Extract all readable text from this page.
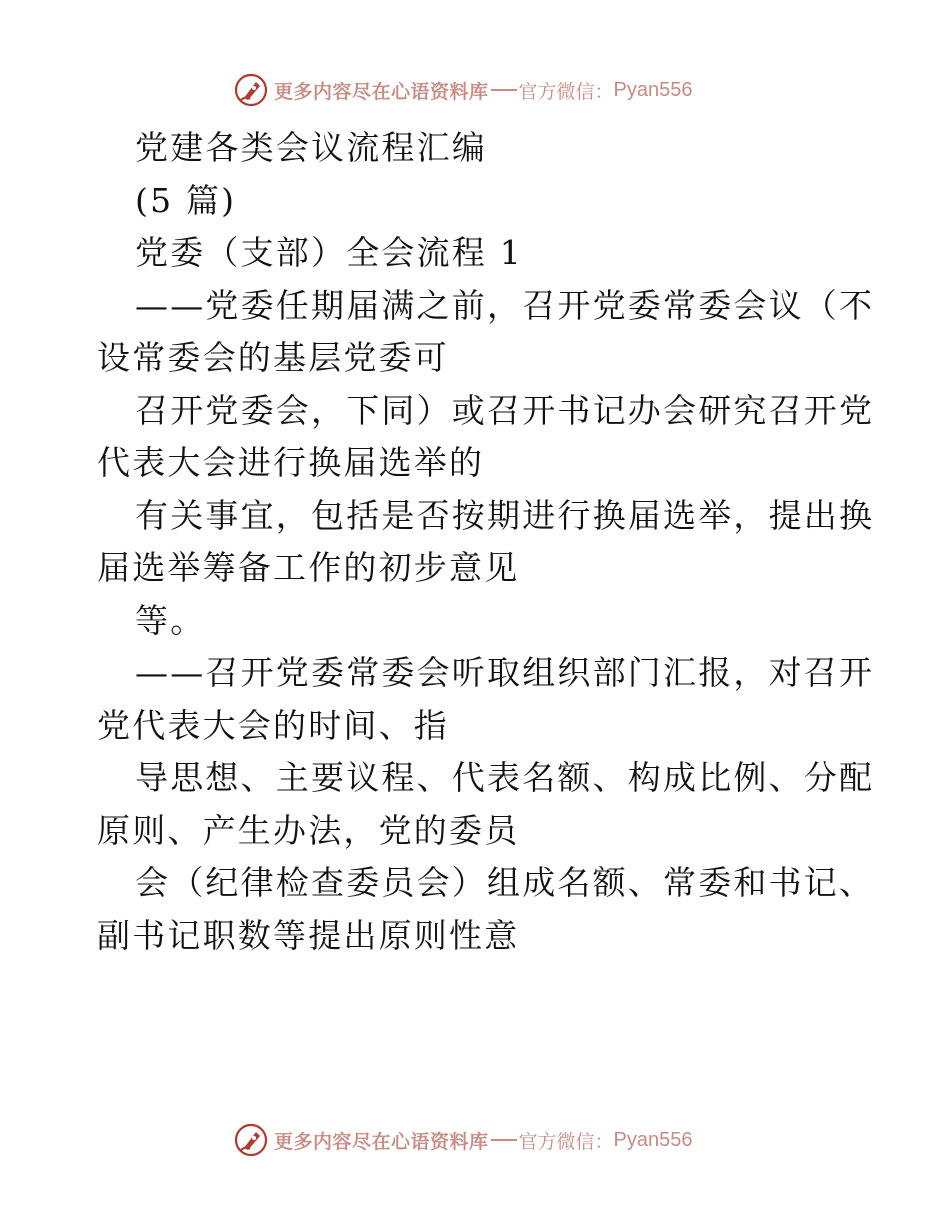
更多内容尽在心语资料库 官方微信： Pyan556
党建各类会议流程汇编
(5 篇)
党委（支部）全会流程 1
——党委任期届满之前，召开党委常委会议（不
设常委会的基层党委可
召开党委会，下同）或召开书记办会研究召开党
代表大会进行换届选举的
有关事宜，包括是否按期进行换届选举，提出换
届选举筹备工作的初步意见
等。
——召开党委常委会听取组织部门汇报，对召开
党代表大会的时间、指
导思想、主要议程、代表名额、构成比例、分配
原则、产生办法，党的委员
会（纪律检查委员会）组成名额、常委和书记、
副书记职数等提出原则性意
更多内容尽在心语资料库 官方微信： Pyan556
